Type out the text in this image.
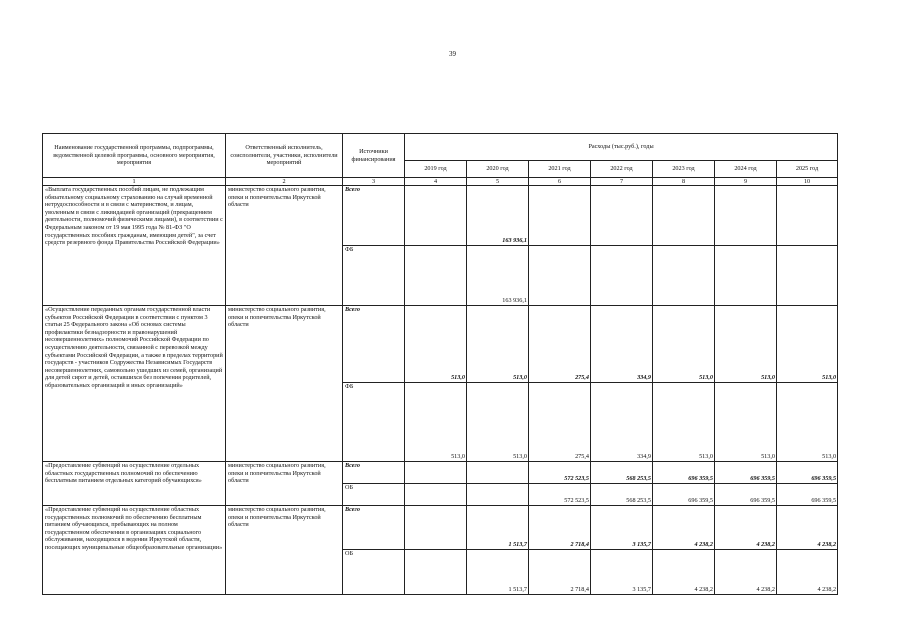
39
Наименование государственной программы, подпрограммы, ведомственной целевой программы, основного мероприятия, мероприятия	Ответственный исполнитель, соисполнители, участники, исполнители мероприятий	Источники финансирования	Расходы (тыс.руб.), годы						
			2019 год	2020 год	2021 год	2022 год	2023 год	2024 год	2025 год
1	2	3	4	5	6	7	8	9	10
«Выплата государственных пособий лицам, не подлежащим обязательному социальному страхованию на случай временной нетрудоспособности и в связи с материнством, и лицам, уволенным в связи с ликвидацией организаций (прекращением деятельности, полномочий физическими лицами), в соответствии с Федеральным законом от 19 мая 1995 года № 81-ФЗ "О государственных пособиях гражданам, имеющим детей", за счет средств резервного фонда Правительства Российской Федерации»	министерство социального развития, опеки и попечительства Иркутской области	Всего		163 936,1					
		ФБ		163 936,1					
«Осуществление переданных органам государственной власти субъектов Российской Федерации в соответствии с пунктом 3 статьи 25 Федерального закона «Об основах системы профилактики безнадзорности и правонарушений несовершеннолетних» полномочий Российской Федерации по осуществлению деятельности, связанной с перевозкой между субъектами Российской Федерации, а также в пределах территорий государств - участников Содружества Независимых Государств несовершеннолетних, самовольно ушедших из семей, организаций для детей сирот и детей, оставшихся без попечения родителей, образовательных организаций и иных организаций»	министерство социального развития, опеки и попечительства Иркутской области	Всего	513,0	513,0	275,4	334,9	513,0	513,0	513,0
		ФБ	513,0	513,0	275,4	334,9	513,0	513,0	513,0
«Предоставление субвенций на осуществление отдельных областных государственных полномочий по обеспечению бесплатным питанием отдельных категорий обучающихся»	министерство социального развития, опеки и попечительства Иркутской области	Всего			572 523,5	568 253,5	696 359,5	696 359,5	696 359,5
		ОБ			572 523,5	568 253,5	696 359,5	696 359,5	696 359,5
«Предоставление субвенций на осуществление областных государственных полномочий по обеспечению бесплатным питанием обучающихся, пребывающих на полном государственном обеспечении в организациях социального обслуживания, находящихся в ведении Иркутской области, посещающих муниципальные общеобразовательные организации»	министерство социального развития, опеки и попечительства Иркутской области	Всего		1 513,7	2 718,4	3 135,7	4 238,2	4 238,2	4 238,2
		ОБ		1 513,7	2 718,4	3 135,7	4 238,2	4 238,2	4 238,2
